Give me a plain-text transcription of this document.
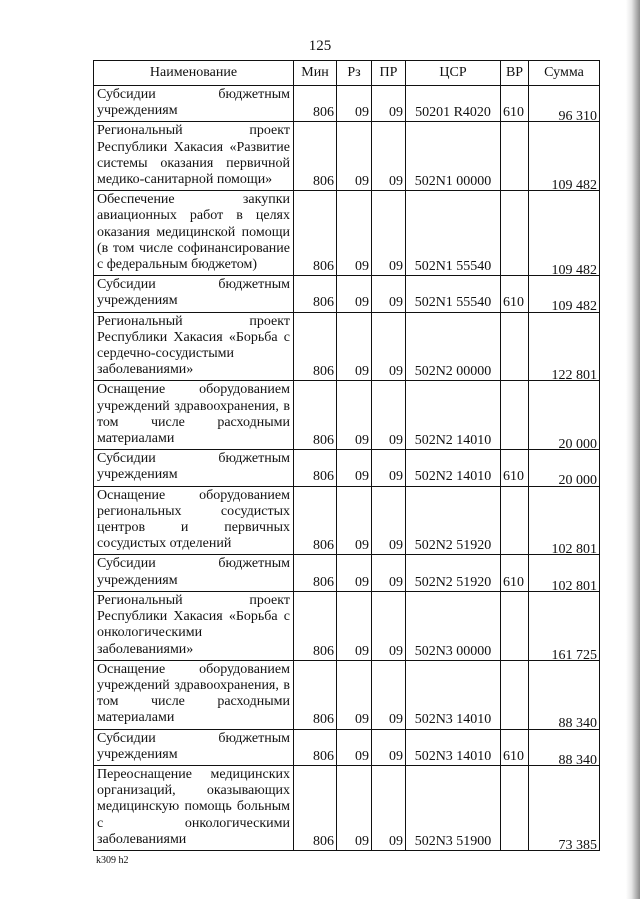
125
Наименование	Мин	Рз	ПР	ЦСР	ВР	Сумма
Субсидии бюджетным учреждениям	806	09	09	50201 R4020	610	96 310
Региональный проект Республики Хакасия «Развитие системы оказания первичной медико-санитарной помощи»	806	09	09	502N1 00000		109 482
Обеспечение закупки авиационных работ в целях оказания медицинской помощи (в том числе софинансирование с федеральным бюджетом)	806	09	09	502N1 55540		109 482
Субсидии бюджетным учреждениям	806	09	09	502N1 55540	610	109 482
Региональный проект Республики Хакасия «Борьба с сердечно-сосудистыми заболеваниями»	806	09	09	502N2 00000		122 801
Оснащение оборудованием учреждений здравоохранения, в том числе расходными материалами	806	09	09	502N2 14010		20 000
Субсидии бюджетным учреждениям	806	09	09	502N2 14010	610	20 000
Оснащение оборудованием региональных сосудистых центров и первичных сосудистых отделений	806	09	09	502N2 51920		102 801
Субсидии бюджетным учреждениям	806	09	09	502N2 51920	610	102 801
Региональный проект Республики Хакасия «Борьба с онкологическими заболеваниями»	806	09	09	502N3 00000		161 725
Оснащение оборудованием учреждений здравоохранения, в том числе расходными материалами	806	09	09	502N3 14010		88 340
Субсидии бюджетным учреждениям	806	09	09	502N3 14010	610	88 340
Переоснащение медицинских организаций, оказывающих медицинскую помощь больным с онкологическими заболеваниями	806	09	09	502N3 51900		73 385
k309 h2
